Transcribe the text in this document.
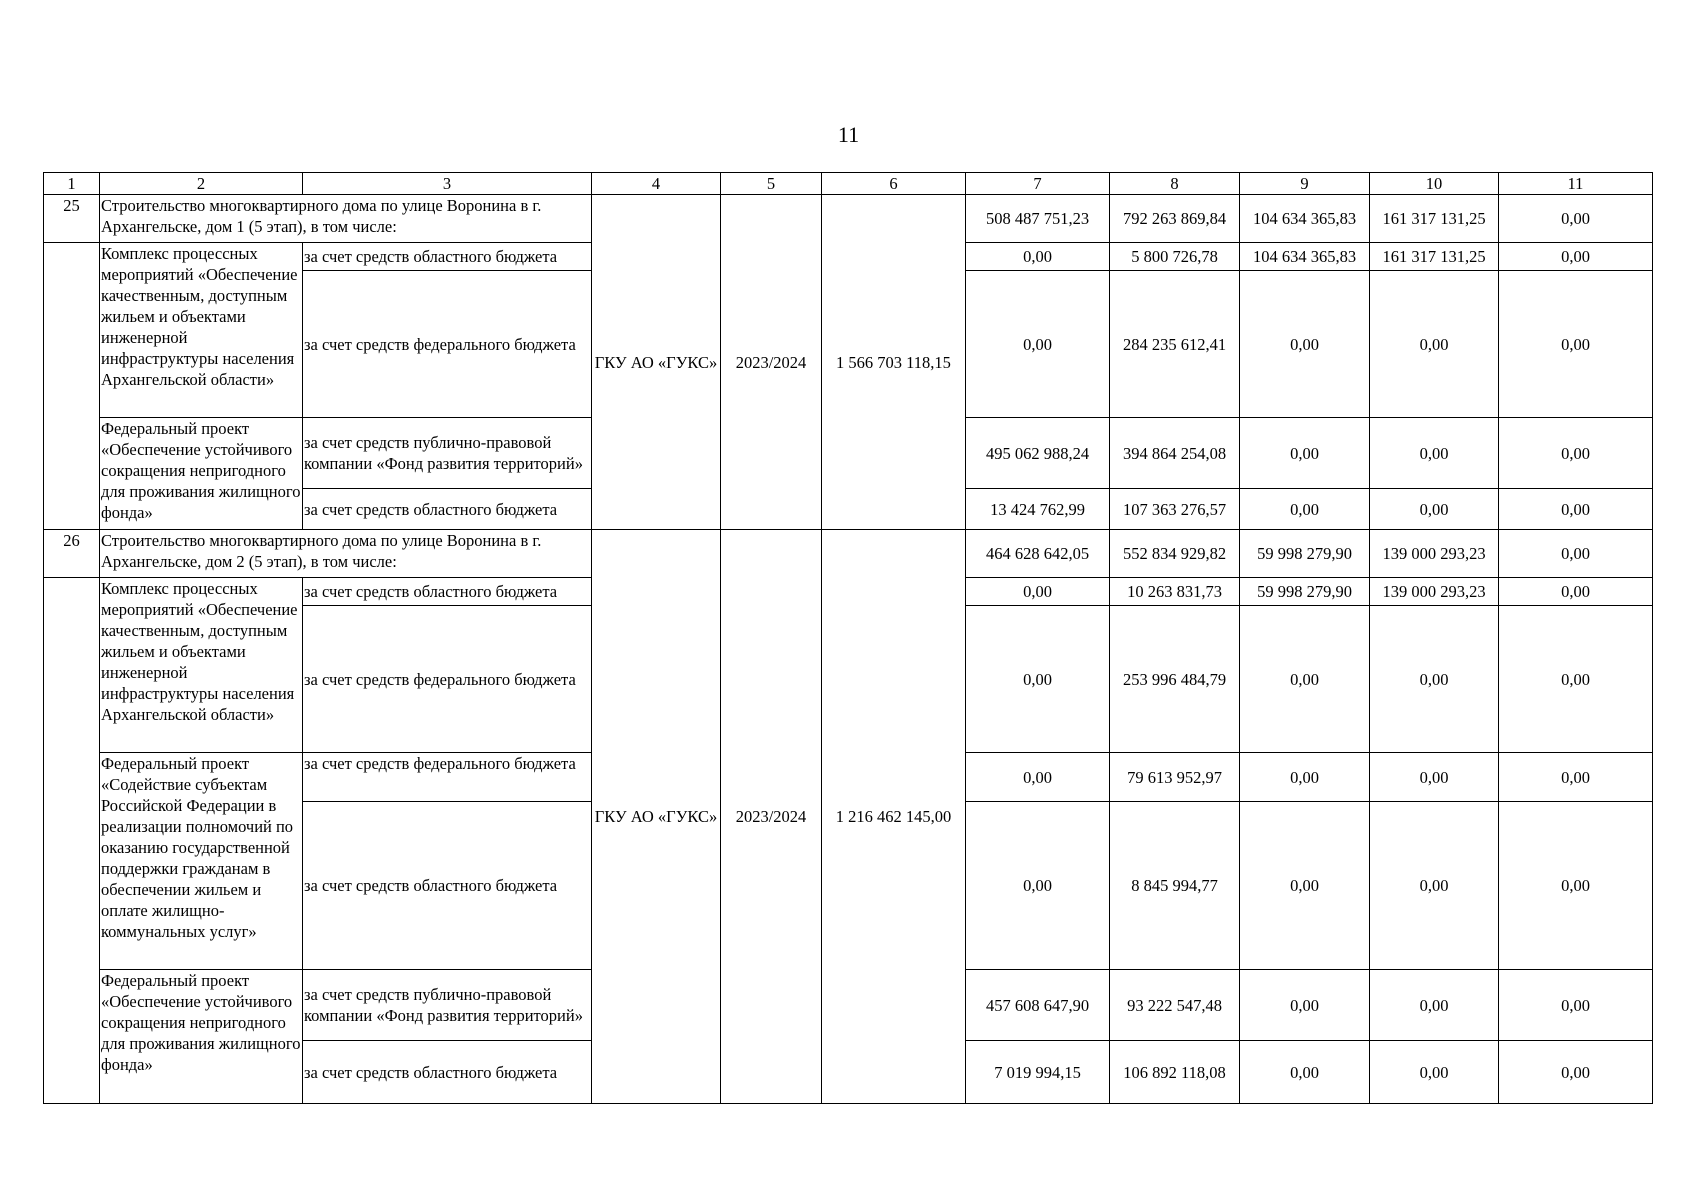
11
1	2	3	4	5	6	7	8	9	10	11
25	Строительство многоквартирного дома по улице Воронина в г. Архангельске, дом 1 (5 этап), в том числе:		ГКУ АО «ГУКС»	2023/2024	1 566 703 118,15	508 487 751,23	792 263 869,84	104 634 365,83	161 317 131,25	0,00
	Комплекс процессных мероприятий «Обеспечение качественным, доступным жильем и объектами инженерной инфраструктуры населения Архангельской области»	за счет средств областного бюджета				0,00	5 800 726,78	104 634 365,83	161 317 131,25	0,00
		за счет средств федерального бюджета				0,00	284 235 612,41	0,00	0,00	0,00
	Федеральный проект «Обеспечение устойчивого сокращения непригодного для проживания жилищного фонда»	за счет средств публично-правовой компании «Фонд развития территорий»				495 062 988,24	394 864 254,08	0,00	0,00	0,00
		за счет средств областного бюджета				13 424 762,99	107 363 276,57	0,00	0,00	0,00
26	Строительство многоквартирного дома по улице Воронина в г. Архангельске, дом 2 (5 этап), в том числе:		ГКУ АО «ГУКС»	2023/2024	1 216 462 145,00	464 628 642,05	552 834 929,82	59 998 279,90	139 000 293,23	0,00
	Комплекс процессных мероприятий «Обеспечение качественным, доступным жильем и объектами инженерной инфраструктуры населения Архангельской области»	за счет средств областного бюджета				0,00	10 263 831,73	59 998 279,90	139 000 293,23	0,00
		за счет средств федерального бюджета				0,00	253 996 484,79	0,00	0,00	0,00
	Федеральный проект «Содействие субъектам Российской Федерации в реализации полномочий по оказанию государственной поддержки гражданам в обеспечении жильем и оплате жилищно-коммунальных услуг»	за счет средств федерального бюджета				0,00	79 613 952,97	0,00	0,00	0,00
		за счет средств областного бюджета				0,00	8 845 994,77	0,00	0,00	0,00
	Федеральный проект «Обеспечение устойчивого сокращения непригодного для проживания жилищного фонда»	за счет средств публично-правовой компании «Фонд развития территорий»				457 608 647,90	93 222 547,48	0,00	0,00	0,00
		за счет средств областного бюджета				7 019 994,15	106 892 118,08	0,00	0,00	0,00
